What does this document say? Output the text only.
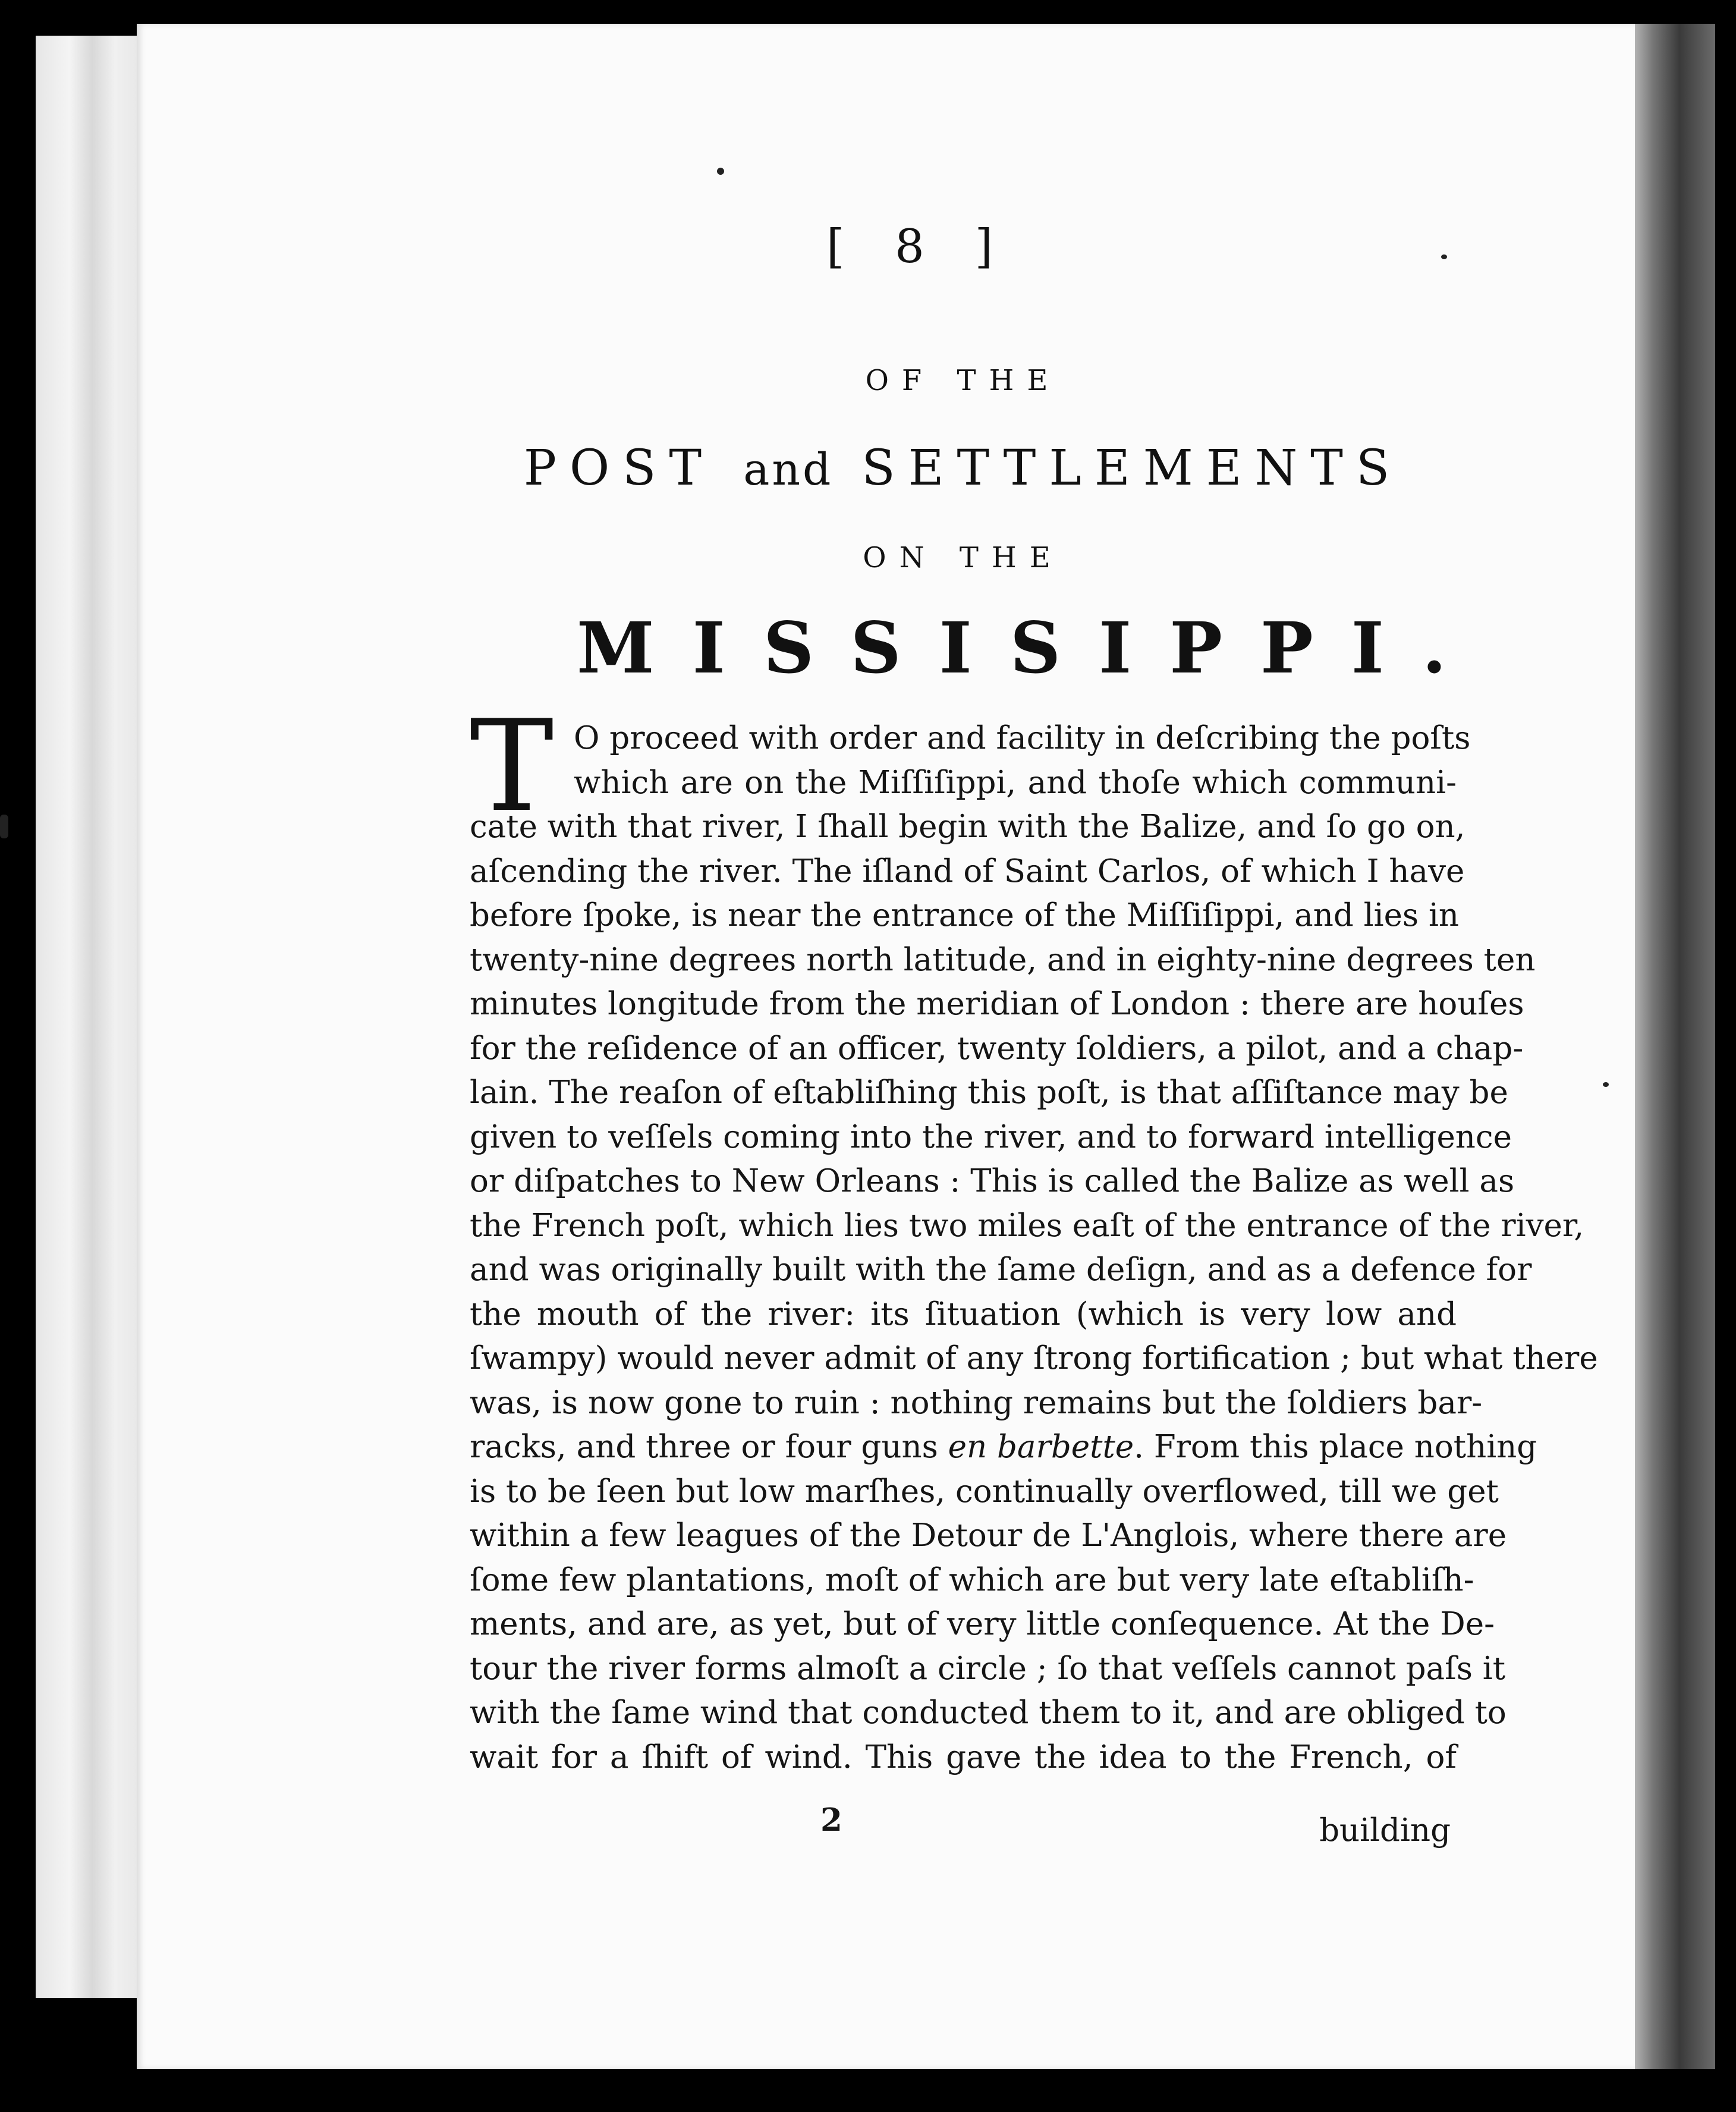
[ 8 ]
OF THE
POST and SETTLEMENTS
ON THE
MISSISIPPI.
T O proceed with order and facility in deſcribing the poſts
which are on the Miſſiſippi, and thoſe which communi-
cate with that river, I ſhall begin with the Balize, and ſo go on,
aſcending the river. The iſland of Saint Carlos, of which I have
before ſpoke, is near the entrance of the Miſſiſippi, and lies in
twenty-nine degrees north latitude, and in eighty-nine degrees ten
minutes longitude from the meridian of London : there are houſes
for the reſidence of an officer, twenty ſoldiers, a pilot, and a chap-
lain. The reaſon of eſtabliſhing this poſt, is that aſſiſtance may be
given to veſſels coming into the river, and to forward intelligence
or diſpatches to New Orleans : This is called the Balize as well as
the French poſt, which lies two miles eaſt of the entrance of the river,
and was originally built with the ſame deſign, and as a defence for
the mouth of the river: its ſituation (which is very low and
ſwampy) would never admit of any ſtrong fortification ; but what there
was, is now gone to ruin : nothing remains but the ſoldiers bar-
racks, and three or four guns en barbette. From this place nothing
is to be ſeen but low marſhes, continually overflowed, till we get
within a few leagues of the Detour de L'Anglois, where there are
ſome few plantations, moſt of which are but very late eſtabliſh-
ments, and are, as yet, but of very little conſequence. At the De-
tour the river forms almoſt a circle ; ſo that veſſels cannot paſs it
with the ſame wind that conducted them to it, and are obliged to
wait for a ſhift of wind. This gave the idea to the French, of
2	building
